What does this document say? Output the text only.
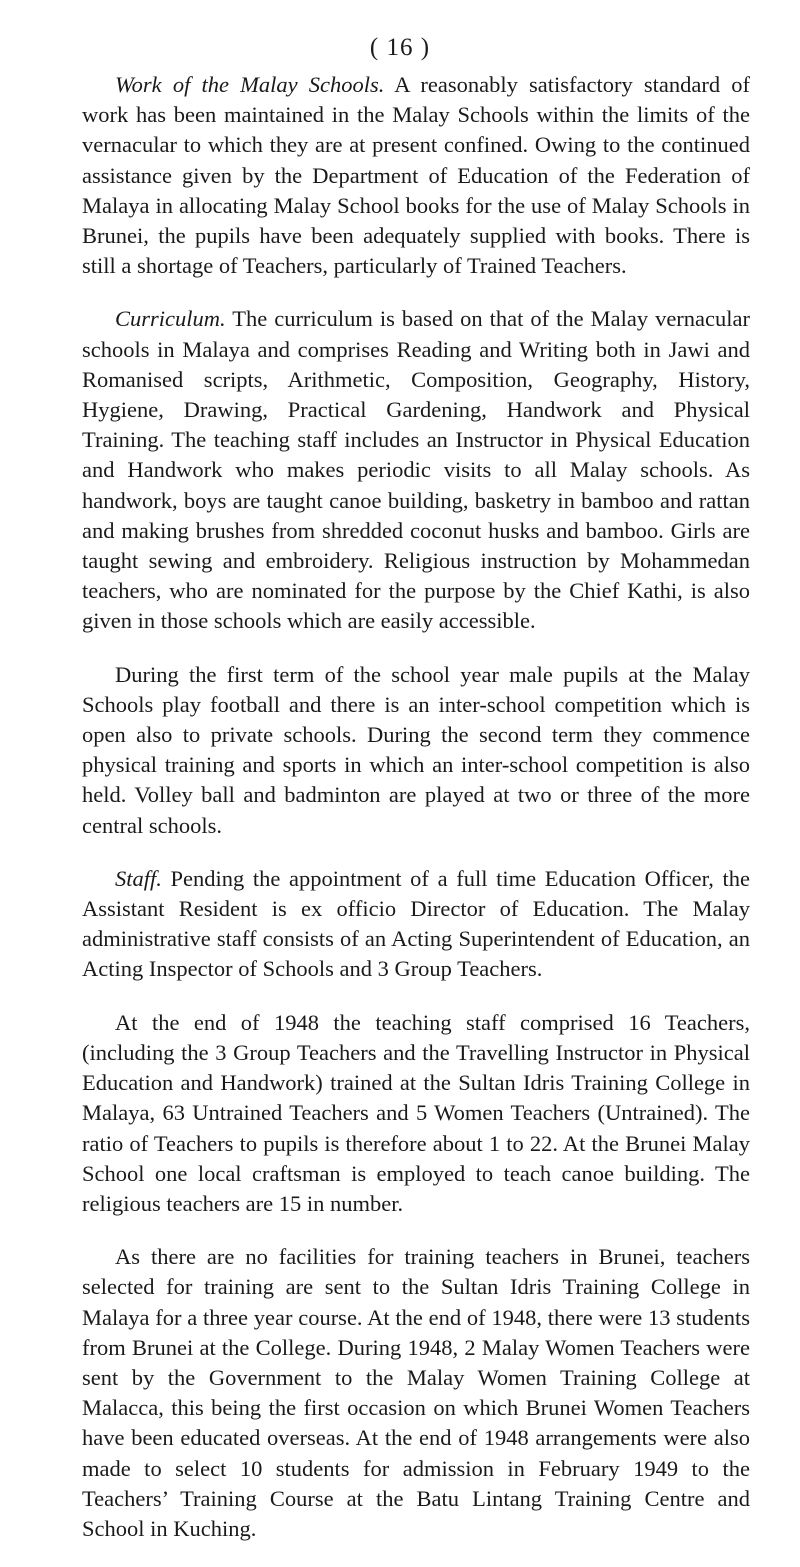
( 16 )

Work of the Malay Schools. A reasonably satisfactory standard of work has been maintained in the Malay Schools within the limits of the vernacular to which they are at present confined. Owing to the continued assistance given by the Department of Education of the Federation of Malaya in allocating Malay School books for the use of Malay Schools in Brunei, the pupils have been adequately supplied with books. There is still a shortage of Teachers, particularly of Trained Teachers.

Curriculum. The curriculum is based on that of the Malay vernacular schools in Malaya and comprises Reading and Writing both in Jawi and Romanised scripts, Arithmetic, Composition, Geography, History, Hygiene, Drawing, Practical Gardening, Handwork and Physical Training. The teaching staff includes an Instructor in Physical Education and Handwork who makes periodic visits to all Malay schools. As handwork, boys are taught canoe building, basketry in bamboo and rattan and making brushes from shredded coconut husks and bamboo. Girls are taught sewing and embroidery. Religious instruction by Mohammedan teachers, who are nominated for the purpose by the Chief Kathi, is also given in those schools which are easily accessible.

During the first term of the school year male pupils at the Malay Schools play football and there is an inter-school competition which is open also to private schools. During the second term they commence physical training and sports in which an inter-school competition is also held. Volley ball and badminton are played at two or three of the more central schools.

Staff. Pending the appointment of a full time Education Officer, the Assistant Resident is ex officio Director of Education. The Malay administrative staff consists of an Acting Superintendent of Education, an Acting Inspector of Schools and 3 Group Teachers.

At the end of 1948 the teaching staff comprised 16 Teachers, (including the 3 Group Teachers and the Travelling Instructor in Physical Education and Handwork) trained at the Sultan Idris Training College in Malaya, 63 Untrained Teachers and 5 Women Teachers (Untrained). The ratio of Teachers to pupils is therefore about 1 to 22. At the Brunei Malay School one local craftsman is employed to teach canoe building. The religious teachers are 15 in number.

As there are no facilities for training teachers in Brunei, teachers selected for training are sent to the Sultan Idris Training College in Malaya for a three year course. At the end of 1948, there were 13 students from Brunei at the College. During 1948, 2 Malay Women Teachers were sent by the Government to the Malay Women Training College at Malacca, this being the first occasion on which Brunei Women Teachers have been educated overseas. At the end of 1948 arrangements were also made to select 10 students for admission in February 1949 to the Teachers’ Training Course at the Batu Lintang Training Centre and School in Kuching.
